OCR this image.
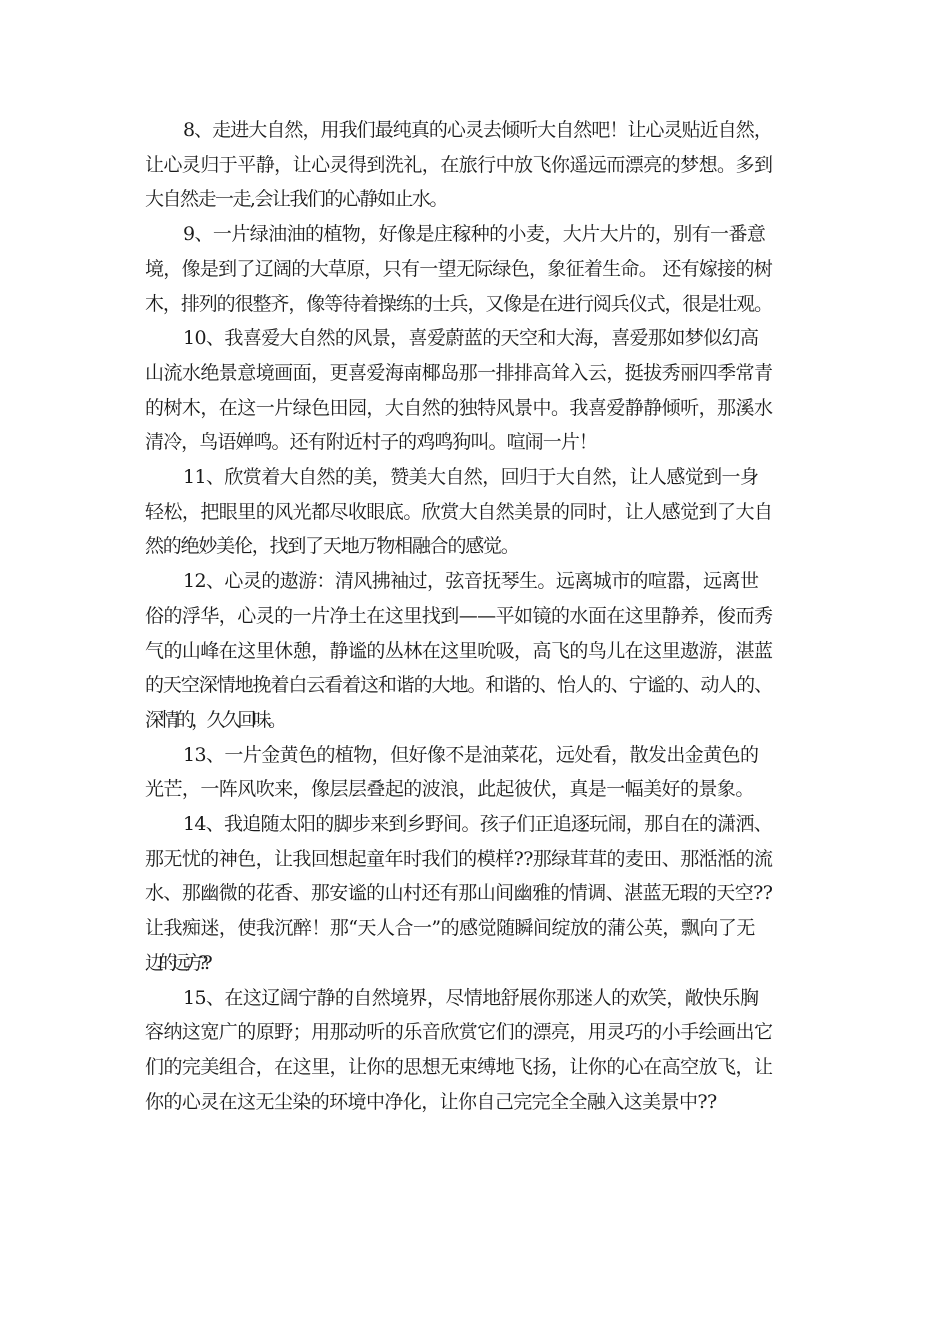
8、走进大自然，用我们最纯真的心灵去倾听大自然吧！让心灵贴近自然，
让心灵归于平静，让心灵得到洗礼，在旅行中放飞你遥远而漂亮的梦想。多到
大自然走一走,会让我们的心静如止水。

9、一片绿油油的植物，好像是庄稼种的小麦，大片大片的，别有一番意
境，像是到了辽阔的大草原，只有一望无际绿色，象征着生命。 还有嫁接的树
木，排列的很整齐，像等待着操练的士兵，又像是在进行阅兵仪式，很是壮观。

10、我喜爱大自然的风景，喜爱蔚蓝的天空和大海，喜爱那如梦似幻高
山流水绝景意境画面，更喜爱海南椰岛那一排排高耸入云，挺拔秀丽四季常青
的树木，在这一片绿色田园，大自然的独特风景中。我喜爱静静倾听，那溪水
清冷，鸟语婵鸣。还有附近村子的鸡鸣狗叫。喧闹一片！

11、欣赏着大自然的美，赞美大自然，回归于大自然，让人感觉到一身
轻松，把眼里的风光都尽收眼底。欣赏大自然美景的同时，让人感觉到了大自
然的绝妙美伦，找到了天地万物相融合的感觉。

12、心灵的遨游：清风拂袖过，弦音抚琴生。远离城市的喧嚣，远离世
俗的浮华，心灵的一片净土在这里找到——平如镜的水面在这里静养，俊而秀
气的山峰在这里休憩，静谧的丛林在这里吮吸，高飞的鸟儿在这里遨游，湛蓝
的天空深情地挽着白云看着这和谐的大地。和谐的、怡人的、宁谧的、动人的、
深情的，久久回味。

13、一片金黄色的植物，但好像不是油菜花，远处看，散发出金黄色的
光芒，一阵风吹来，像层层叠起的波浪，此起彼伏，真是一幅美好的景象。

14、我追随太阳的脚步来到乡野间。孩子们正追逐玩闹，那自在的潇洒、
那无忧的神色，让我回想起童年时我们的模样??那绿茸茸的麦田、那湉湉的流
水、那幽微的花香、那安谧的山村还有那山间幽雅的情调、湛蓝无瑕的天空??
让我痴迷，使我沉醉！那“天人合一”的感觉随瞬间绽放的蒲公英，飘向了无
边的远方??

15、在这辽阔宁静的自然境界，尽情地舒展你那迷人的欢笑，敞快乐胸
容纳这宽广的原野；用那动听的乐音欣赏它们的漂亮，用灵巧的小手绘画出它
们的完美组合，在这里，让你的思想无束缚地飞扬，让你的心在高空放飞，让
你的心灵在这无尘染的环境中净化，让你自己完完全全融入这美景中??
